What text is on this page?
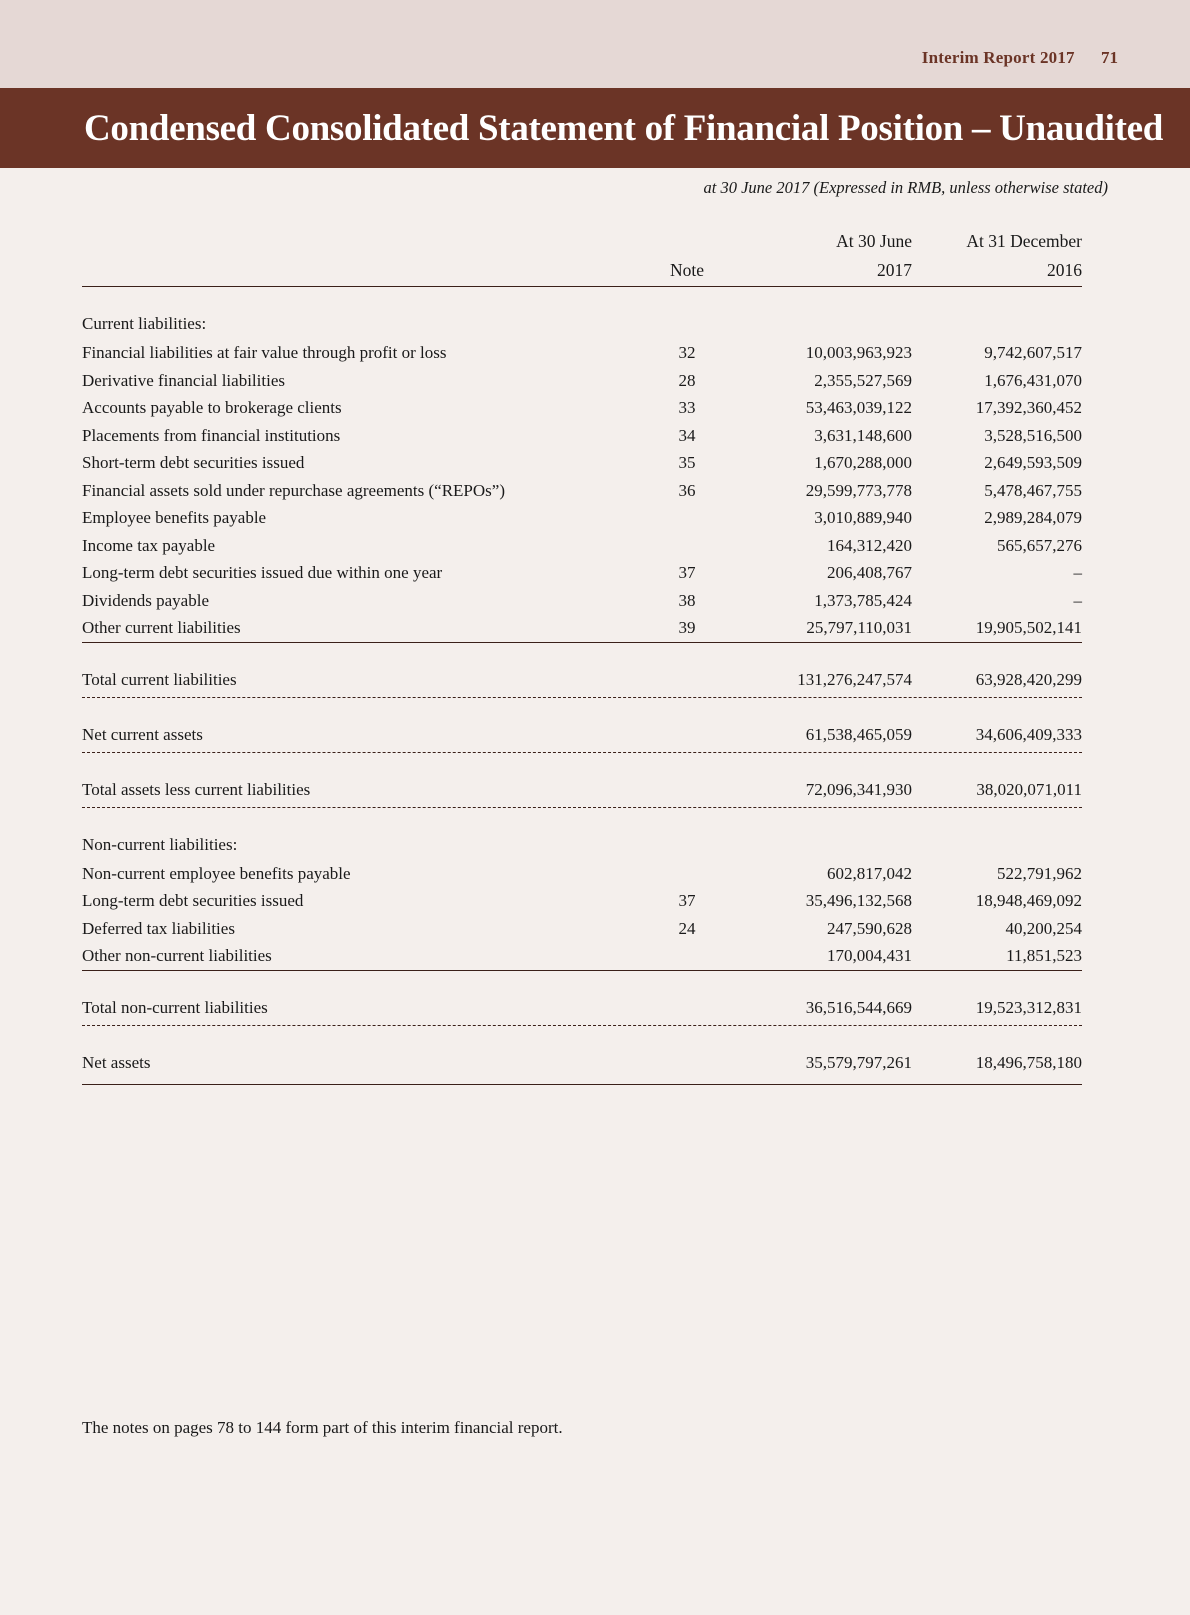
Interim Report 2017 71
Condensed Consolidated Statement of Financial Position – Unaudited
at 30 June 2017 (Expressed in RMB, unless otherwise stated)
		At 30 June	At 31 December
	Note	2017	2016

Current liabilities:			
Financial liabilities at fair value through profit or loss	32	10,003,963,923	9,742,607,517
Derivative financial liabilities	28	2,355,527,569	1,676,431,070
Accounts payable to brokerage clients	33	53,463,039,122	17,392,360,452
Placements from financial institutions	34	3,631,148,600	3,528,516,500
Short-term debt securities issued	35	1,670,288,000	2,649,593,509
Financial assets sold under repurchase agreements (“REPOs”)	36	29,599,773,778	5,478,467,755
Employee benefits payable		3,010,889,940	2,989,284,079
Income tax payable		164,312,420	565,657,276
Long-term debt securities issued due within one year	37	206,408,767	–
Dividends payable	38	1,373,785,424	–
Other current liabilities	39	25,797,110,031	19,905,502,141

Total current liabilities		131,276,247,574	63,928,420,299

Net current assets		61,538,465,059	34,606,409,333

Total assets less current liabilities		72,096,341,930	38,020,071,011

Non-current liabilities:			
Non-current employee benefits payable		602,817,042	522,791,962
Long-term debt securities issued	37	35,496,132,568	18,948,469,092
Deferred tax liabilities	24	247,590,628	40,200,254
Other non-current liabilities		170,004,431	11,851,523

Total non-current liabilities		36,516,544,669	19,523,312,831

Net assets		35,579,797,261	18,496,758,180

The notes on pages 78 to 144 form part of this interim financial report.
